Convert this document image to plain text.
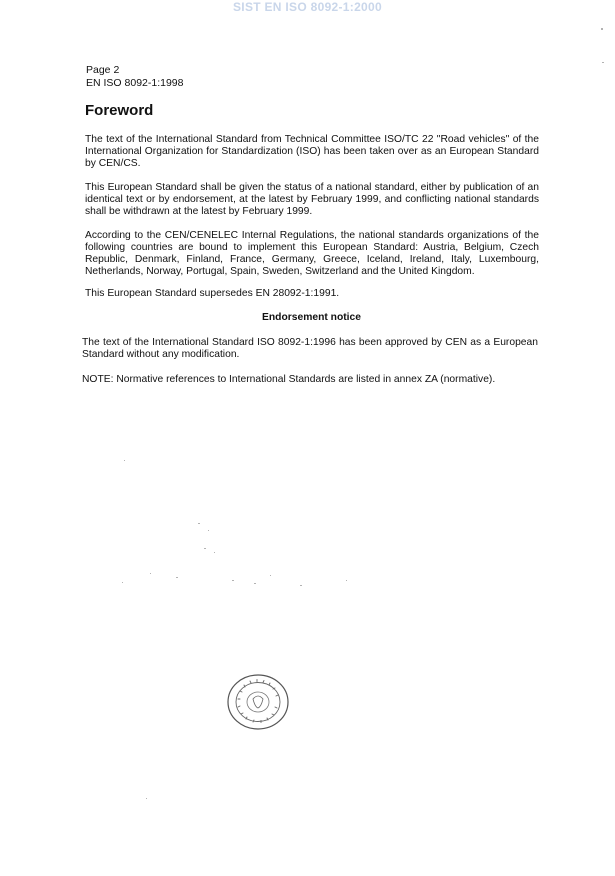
SIST EN ISO 8092-1:2000
Page 2
EN ISO 8092-1:1998
Foreword

The text of the International Standard from Technical Committee ISO/TC 22 "Road vehicles" of the International Organization for Standardization (ISO) has been taken over as an European Standard by CEN/CS.

This European Standard shall be given the status of a national standard, either by publication of an identical text or by endorsement, at the latest by February 1999, and conflicting national standards shall be withdrawn at the latest by February 1999.

According to the CEN/CENELEC Internal Regulations, the national standards organizations of the following countries are bound to implement this European Standard: Austria, Belgium, Czech Republic, Denmark, Finland, France, Germany, Greece, Iceland, Ireland, Italy, Luxembourg, Netherlands, Norway, Portugal, Spain, Sweden, Switzerland and the United Kingdom.

This European Standard supersedes EN 28092-1:1991.

Endorsement notice

The text of the International Standard ISO 8092-1:1996 has been approved by CEN as a European Standard without any modification.

NOTE: Normative references to International Standards are listed in annex ZA (normative).
